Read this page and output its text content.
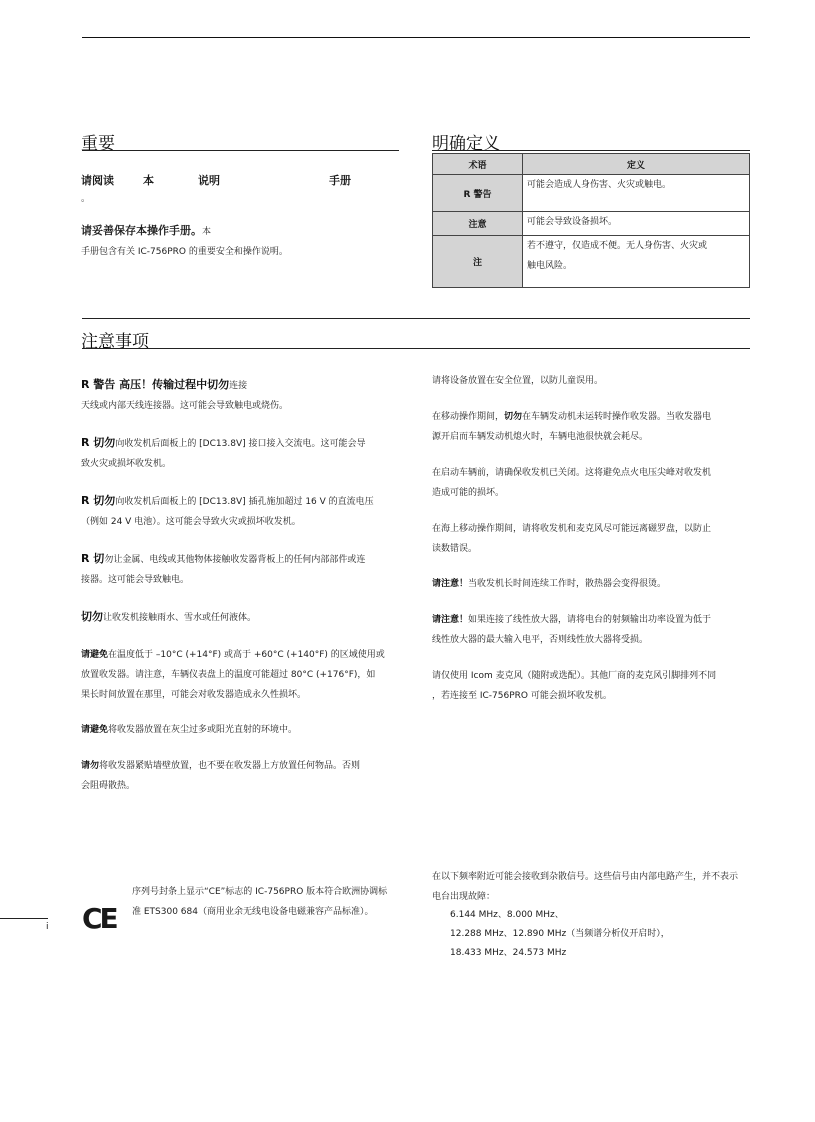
重要
请阅读	本	说明	手册
。
请妥善保存本操作手册。本
手册包含有关 IC-756PRO 的重要安全和操作说明。
明确定义
术语	定义
R 警告	可能会造成人身伤害、火灾或触电。
注意	可能会导致设备损坏。
注	若不遵守，仅造成不便。无人身伤害、火灾或
触电风险。
注意事项
R 警告 高压！传输过程中切勿连接
天线或内部天线连接器。这可能会导致触电或烧伤。
R 切勿向收发机后面板上的 [DC13.8V] 接口接入交流电。这可能会导
致火灾或损坏收发机。
R 切勿向收发机后面板上的 [DC13.8V] 插孔施加超过 16 V 的直流电压
（例如 24 V 电池）。这可能会导致火灾或损坏收发机。
R 切勿让金属、电线或其他物体接触收发器背板上的任何内部部件或连
接器。这可能会导致触电。
切勿让收发机接触雨水、雪水或任何液体。
请避免在温度低于 –10°C (+14°F) 或高于 +60°C (+140°F) 的区域使用或
放置收发器。请注意，车辆仪表盘上的温度可能超过 80°C (+176°F)，如
果长时间放置在那里，可能会对收发器造成永久性损坏。
请避免将收发器放置在灰尘过多或阳光直射的环境中。
请勿将收发器紧贴墙壁放置，也不要在收发器上方放置任何物品。否则
会阻碍散热。
请将设备放置在安全位置，以防儿童误用。
在移动操作期间，切勿在车辆发动机未运转时操作收发器。当收发器电
源开启而车辆发动机熄火时，车辆电池很快就会耗尽。
在启动车辆前，请确保收发机已关闭。这将避免点火电压尖峰对收发机
造成可能的损坏。
在海上移动操作期间，请将收发机和麦克风尽可能远离磁罗盘，以防止
读数错误。
请注意！当收发机长时间连续工作时，散热器会变得很烫。
请注意！如果连接了线性放大器，请将电台的射频输出功率设置为低于
线性放大器的最大输入电平，否则线性放大器将受损。
请仅使用 Icom 麦克风（随附或选配）。其他厂商的麦克风引脚排列不同
，若连接至 IC-756PRO 可能会损坏收发机。
i CE
序列号封条上显示“CE”标志的 IC-756PRO 版本符合欧洲协调标
准 ETS300 684（商用业余无线电设备电磁兼容产品标准）。
在以下频率附近可能会接收到杂散信号。这些信号由内部电路产生，并不表示
电台出现故障：
6.144 MHz、8.000 MHz、
12.288 MHz、12.890 MHz（当频谱分析仪开启时），
18.433 MHz、24.573 MHz
